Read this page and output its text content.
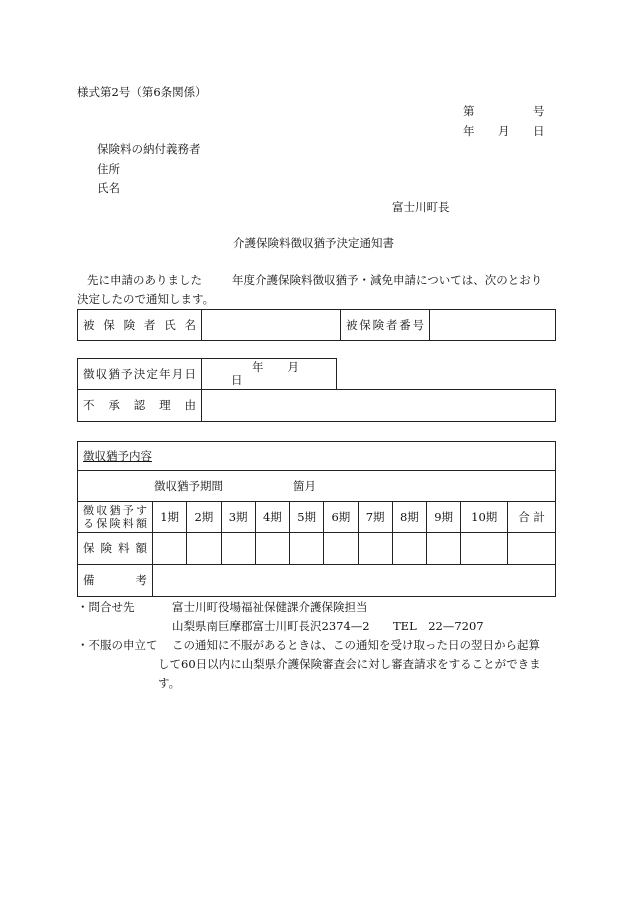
様式第2号（第6条関係）
第	号
年 月 日
保険料の納付義務者
住所
氏名
富士川町長
介護保険料徴収猶予決定通知書
先に申請のありました	年度介護保険料徴収猶予・減免申請については、次のとおり
決定したので通知します。
被保険者氏名		被保険者番号

徴収猶予決定年月日	年 月日	

不承認理由		

徴収猶予内容											
徴収猶予期間 箇月											

徴収猶予す
る保険料額	1期	2期	3期	4期	5期	6期	7期	8期	9期	10期	合 計

保険料額											

備考											

・問合せ先	富士川町役場福祉保健課介護保険担当
山梨県南巨摩郡富士川町長沢2374—2 TEL　22—7207
・不服の申立て この通知に不服があるときは、この通知を受け取った日の翌日から起算
して60日以内に山梨県介護保険審査会に対し審査請求をすることができま
す。
